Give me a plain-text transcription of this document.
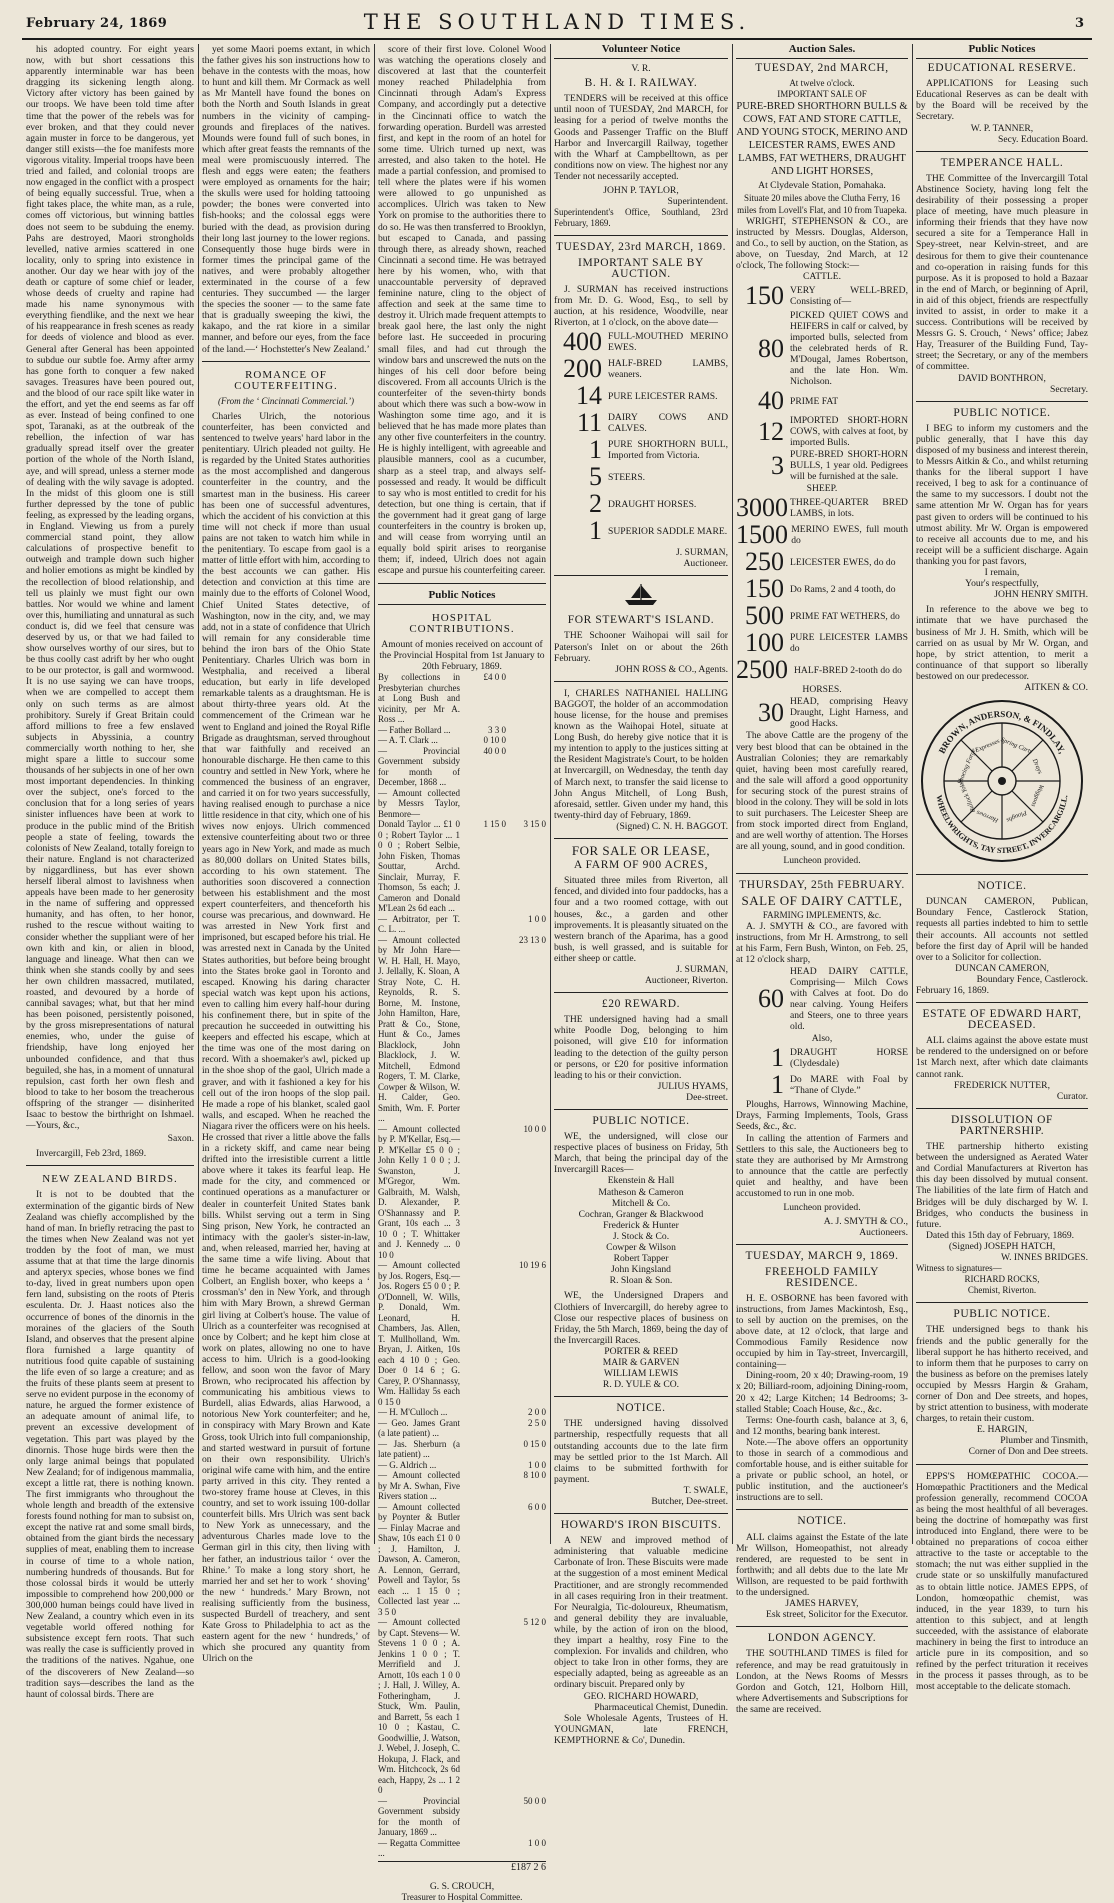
February 24, 1869	THE SOUTHLAND TIMES.	3

his adopted country. For eight years now, with but short cessations this apparently interminable war has been dragging its sickening length along. Victory after victory has been gained by our troops. We have been told time after time that the power of the rebels was for ever broken, and that they could never again muster in force to be dangerous, yet danger still exists—the foe manifests more vigorous vitality. Imperial troops have been tried and failed, and colonial troops are now engaged in the conflict with a prospect of being equally successful. True, when a fight takes place, the white man, as a rule, comes off victorious, but winning battles does not seem to be subduing the enemy. Pahs are destroyed, Maori strongholds levelled, native armies scattered in one locality, only to spring into existence in another. Our day we hear with joy of the death or capture of some chief or leader, whose deeds of cruelty and rapine had made his name synonymous with everything fiendlike, and the next we hear of his reappearance in fresh scenes as ready for deeds of violence and blood as ever. General after General has been appointed to subdue our subtle foe. Army after army has gone forth to conquer a few naked savages. Treasures have been poured out, and the blood of our race spilt like water in the effort, and yet the end seems as far off as ever. Instead of being confined to one spot, Taranaki, as at the outbreak of the rebellion, the infection of war has gradually spread itself over the greater portion of the whole of the North Island, aye, and will spread, unless a sterner mode of dealing with the wily savage is adopted. In the midst of this gloom one is still further depressed by the tone of public feeling, as expressed by the leading organs, in England. Viewing us from a purely commercial stand point, they allow calculations of prospective benefit to outweigh and trample down such higher and holier emotions as might be kindled by the recollection of blood relationship, and tell us plainly we must fight our own battles. Nor would we whine and lament over this, humiliating and unnatural as such conduct is, did we feel that censure was deserved by us, or that we had failed to show ourselves worthy of our sires, but to be thus coolly cast adrift by her who ought to be our protector, is gall and wormwood. It is no use saying we can have troops, when we are compelled to accept them only on such terms as are almost prohibitory. Surely if Great Britain could afford millions to free a few enslaved subjects in Abyssinia, a country commercially worth nothing to her, she might spare a little to succour some thousands of her subjects in one of her own most important dependencies. In thinking over the subject, one's forced to the conclusion that for a long series of years sinister influences have been at work to produce in the public mind of the British people a state of feeling, towards the colonists of New Zealand, totally foreign to their nature. England is not characterized by niggardliness, but has ever shown herself liberal almost to lavishness when appeals have been made to her generosity in the name of suffering and oppressed humanity, and has often, to her honor, rushed to the rescue without waiting to consider whether the suppliant were of her own kith and kin, or alien in blood, language and lineage. What then can we think when she stands coolly by and sees her own children massacred, mutilated, roasted, and devoured by a horde of cannibal savages; what, but that her mind has been poisoned, persistently poisoned, by the gross misrepresentations of natural enemies, who, under the guise of friendship, have long enjoyed her unbounded confidence, and that thus beguiled, she has, in a moment of unnatural repulsion, cast forth her own flesh and blood to take to her bosom the treacherous offspring of the stranger — disinherited Isaac to bestow the birthright on Ishmael.—Yours, &c.,

Saxon.
Invercargill, Feb 23rd, 1869.
NEW ZEALAND BIRDS.

It is not to be doubted that the extermination of the gigantic birds of New Zealand was chiefly accomplished by the hand of man. In briefly retracing the past to the times when New Zealand was not yet trodden by the foot of man, we must assume that at that time the large dinornis and apteryx species, whose bones we find to-day, lived in great numbers upon open fern land, subsisting on the roots of Pteris esculenta. Dr. J. Haast notices also the occurrence of bones of the dinornis in the moraines of the glaciers of the South Island, and observes that the present alpine flora furnished a large quantity of nutritious food quite capable of sustaining the life even of so large a creature; and as the fruits of these plants seem at present to serve no evident purpose in the economy of nature, he argued the former existence of an adequate amount of animal life, to prevent an excessive development of vegetation. This part was played by the dinornis. Those huge birds were then the only large animal beings that populated New Zealand; for of indigenous mammalia, except a little rat, there is nothing known. The first immigrants who throughout the whole length and breadth of the extensive forests found nothing for man to subsist on, except the native rat and some small birds, obtained from the giant birds the necessary supplies of meat, enabling them to increase in course of time to a whole nation, numbering hundreds of thousands. But for those colossal birds it would be utterly impossible to comprehend how 200,000 or 300,000 human beings could have lived in New Zealand, a country which even in its vegetable world offered nothing for subsistence except fern roots. That such was really the case is sufficiently proved in the traditions of the natives. Ngahue, one of the discoverers of New Zealand—so tradition says—describes the land as the haunt of colossal birds. There are

yet some Maori poems extant, in which the father gives his son instructions how to behave in the contests with the moas, how to hunt and kill them. Mr Cormack as well as Mr Mantell have found the bones on both the North and South Islands in great numbers in the vicinity of camping-grounds and fireplaces of the natives. Mounds were found full of such bones, in which after great feasts the remnants of the meal were promiscuously interred. The flesh and eggs were eaten; the feathers were employed as ornaments for the hair; the skulls were used for holding tattooing powder; the bones were converted into fish-hooks; and the colossal eggs were buried with the dead, as provision during their long last journey to the lower regions. Consequently those huge birds were in former times the principal game of the natives, and were probably altogether exterminated in the course of a few centuries. They succumbed — the larger the species the sooner — to the same fate that is gradually sweeping the kiwi, the kakapo, and the rat kiore in a similar manner, and before our eyes, from the face of the land.—‘ Hochstetter's New Zealand.’

ROMANCE OF COUTERFEITING.
(From the ‘ Cincinnati Commercial.’)

Charles Ulrich, the notorious counterfeiter, has been convicted and sentenced to twelve years' hard labor in the penitentiary. Ulrich pleaded not guilty. He is regarded by the United States authorities as the most accomplished and dangerous counterfeiter in the country, and the smartest man in the business. His career has been one of successful adventures, which the accident of his conviction at this time will not check if more than usual pains are not taken to watch him while in the penitentiary. To escape from gaol is a matter of little effort with him, according to the best accounts we can gather. His detection and conviction at this time are mainly due to the efforts of Colonel Wood, Chief United States detective, of Washington, now in the city, and, we may add, not in a state of confidence that Ulrich will remain for any considerable time behind the iron bars of the Ohio State Penitentiary. Charles Ulrich was born in Westphalia, and received a liberal education, but early in life developed remarkable talents as a draughtsman. He is about thirty-three years old. At the commencement of the Crimean war he went to England and joined the Royal Rifle Brigade as draughtsman, served throughout that war faithfully and received an honourable discharge. He then came to this country and settled in New York, where he commenced the business of an engraver, and carried it on for two years successfully, having realised enough to purchase a nice little residence in that city, which one of his wives now enjoys. Ulrich commenced extensive counterfeiting about two or three years ago in New York, and made as much as 80,000 dollars on United States bills, according to his own statement. The authorities soon discovered a connection between his establishment and the most expert counterfeiters, and thenceforth his course was precarious, and downward. He was arrested in New York first and imprisoned, but escaped before his trial. He was arrested next in Canada by the United States authorities, but before being brought into the States broke gaol in Toronto and escaped. Knowing his daring character special watch was kept upon his actions, even to calling him every half-hour during his confinement there, but in spite of the precaution he succeeded in outwitting his keepers and effected his escape, which at the time was one of the most daring on record. With a shoemaker's awl, picked up in the shoe shop of the gaol, Ulrich made a graver, and with it fashioned a key for his cell out of the iron hoops of the slop pail. He made a rope of his blanket, scaled gaol walls, and escaped. When he reached the Niagara river the officers were on his heels. He crossed that river a little above the falls in a rickety skiff, and came near being drifted into the irresistible current a little above where it takes its fearful leap. He made for the city, and commenced or continued operations as a manufacturer or dealer in counterfeit United States bank bills. Whilst serving out a term in Sing Sing prison, New York, he contracted an intimacy with the gaoler's sister-in-law, and, when released, married her, having at the same time a wife living. About that time he became acquainted with James Colbert, an English boxer, who keeps a ‘ crossman's’ den in New York, and through him with Mary Brown, a shrewd German girl living at Colbert's house. The value of Ulrich as a counterfeiter was recognised at once by Colbert; and he kept him close at work on plates, allowing no one to have access to him. Ulrich is a good-looking fellow, and soon won the favor of Mary Brown, who reciprocated his affection by communicating his ambitious views to Burdell, alias Edwards, alias Harwood, a notorious New York counterfeiter; and he, in conspiracy with Mary Brown and Kate Gross, took Ulrich into full companionship, and started westward in pursuit of fortune on their own responsibility. Ulrich's original wife came with him, and the entire party arrived in this city. They rented a two-storey frame house at Cleves, in this country, and set to work issuing 100-dollar counterfeit bills. Mrs Ulrich was sent back to New York as unnecessary, and the adventurous Charles made love to the German girl in this city, then living with her father, an industrious tailor ‘ over the Rhine.’ To make a long story short, he married her and set her to work ‘ shoving’ the new ‘ hundreds.’ Mary Brown, not realising sufficiently from the business, suspected Burdell of treachery, and sent Kate Gross to Philadelphia to act as the eastern agent for the new ‘ hundreds,’ of which she procured any quantity from Ulrich on the

score of their first love. Colonel Wood was watching the operations closely and discovered at last that the counterfeit money reached Philadelphia from Cincinnati through Adam's Express Company, and accordingly put a detective in the Cincinnati office to watch the forwarding operation. Burdell was arrested first, and kept in the room of an hotel for some time. Ulrich turned up next, was arrested, and also taken to the hotel. He made a partial confession, and promised to tell where the plates were if his women were allowed to go unpunished as accomplices. Ulrich was taken to New York on promise to the authorities there to do so. He was then transferred to Brooklyn, but escaped to Canada, and passing through there, as already shown, reached Cincinnati a second time. He was betrayed here by his women, who, with that unaccountable perversity of depraved feminine nature, cling to the object of affection and seek at the same time to destroy it. Ulrich made frequent attempts to break gaol here, the last only the night before last. He succeeded in procuring small files, and had cut through the window bars and unscrewed the nuts on the hinges of his cell door before being discovered. From all accounts Ulrich is the counterfeiter of the seven-thirty bonds about which there was such a bow-wow in Washington some time ago, and it is believed that he has made more plates than any other five counterfeiters in the country. He is highly intelligent, with agreeable and plausible manners, cool as a cucumber, sharp as a steel trap, and always self-possessed and ready. It would be difficult to say who is most entitled to credit for his detection, but one thing is certain, that if the government had it great gang of large counterfeiters in the country is broken up, and will cease from worrying until an equally bold spirit arises to reorganise them; if, indeed, Ulrich does not again escape and pursue his counterfeiting career.

Public Notices
HOSPITAL CONTRIBUTIONS.

Amount of monies received on account of the Provincial Hospital from 1st January to 20th February, 1869.

By collections in Presbyterian churches at Long Bush and vicinity, per Mr A. Ross ...	£4 0 0	
— Father Bollard ...	3 3 0	
— A. T. Clark ...	0 10 0	
— Provincial Government subsidy for month of December, 1868 ...	40 0 0	
— Amount collected by Messrs Taylor, Benmore—		
Donald Taylor ... £1 0 0 ; Robert Taylor ... 1 0 0 ; Robert Selbie, John Fisken, Thomas Souttar, Archd. Sinclair, Murray, F. Thomson, 5s each; J. Cameron and Donald M'Lean 2s 6d each ...	1 15 0	3 15 0
— Arbitrator, per T. C. L. ...		1 0 0
— Amount collected by Mr John Hare— W. H. Hall, H. Mayo, J. Jellally, K. Sloan, A Stray Note, C. H. Reynolds, R. S. Borne, M. Instone, John Hamilton, Hare, Pratt & Co., Stone, Hunt & Co., James Blacklock, John Blacklock, J. W. Mitchell, Edmond Rogers, T. M. Clarke, Cowper & Wilson, W. H. Calder, Geo. Smith, Wm. F. Porter ...		23 13 0
— Amount collected by P. M'Kellar, Esq.— P. M'Kellar £5 0 0 ; John Kelly 1 0 0 ; J. Swanston, J. M'Gregor, Wm. Galbraith, M. Walsh, D. Alexander, P. O'Shannassy and P. Grant, 10s each ... 3 10 0 ; T. Whittaker and J. Kennedy ... 0 10 0		10 0 0
— Amount collected by Jos. Rogers, Esq.— Jos. Rogers £5 0 0 ; P. O'Donnell, W. Wills, P. Donald, Wm. Leonard, H. Chambers, Jas. Allen, T. Mullholland, Wm. Bryan, J. Aitken, 10s each 4 10 0 ; Geo. Doer 0 14 6 ; G. Carey, P. O'Shannassy, Wm. Halliday 5s each 0 15 0		10 19 6
— H. M'Culloch ...		2 0 0
— Geo. James Grant (a late patient) ...		2 5 0
— Jas. Sherburn (a late patient) ...		0 15 0
— G. Aldrich ...		1 0 0
— Amount collected by Mr A. Swhan, Five Rivers station ...		8 10 0
— Amount collected by Poynter & Butler— Finlay Macrae and Shaw, 10s each £1 0 0 ; J. Hamilton, J. Dawson, A. Cameron, A. Lennon, Gerrard, Powell and Taylor, 5s each ... 1 15 0 ; Collected last year ... 3 5 0		6 0 0
— Amount collected by Capt. Stevens— W. Stevens 1 0 0 ; A. Jenkins 1 0 0 ; T. Merrifield and J. Arnott, 10s each 1 0 0 ; J. Hall, J. Willey, A. Fotheringham, J. Stuck, Wm. Paulin, and Barrett, 5s each 1 10 0 ; Kastau, C. Goodwillie, J. Watson, J. Webel, J. Joseph, C. Hokupa, J. Flack, and Wm. Hitchcock, 2s 6d each, Happy, 2s ... 1 2 0		5 12 0
— Provincial Government subsidy for the month of January, 1869 ...		50 0 0
— Regatta Committee ...		1 0 0
£187 2 6
G. S. CROUCH,
Treasurer to Hospital Committee.
Volunteer Notice
V. R.
B. H. & I. RAILWAY.

TENDERS will be received at this office until noon of TUESDAY, 2nd MARCH, for leasing for a period of twelve months the Goods and Passenger Traffic on the Bluff Harbor and Invercargill Railway, together with the Wharf at Campbelltown, as per conditions now on view. The highest nor any Tender not necessarily accepted.

JOHN P. TAYLOR,
Superintendent.
Superintendent's Office, Southland, 23rd February, 1869.
TUESDAY, 23rd MARCH, 1869.
IMPORTANT SALE BY AUCTION.

J. SURMAN has received instructions from Mr. D. G. Wood, Esq., to sell by auction, at his residence, Woodville, near Riverton, at 1 o'clock, on the above date—

400 FULL-MOUTHED MERINO EWES.
200 HALF-BRED LAMBS, weaners.
14 PURE LEICESTER RAMS.
11 DAIRY COWS AND CALVES.
1 PURE SHORTHORN BULL, Imported from Victoria.
5 STEERS.
2 DRAUGHT HORSES.
1 SUPERIOR SADDLE MARE.
J. SURMAN,
Auctioneer.
FOR STEWART'S ISLAND.

THE Schooner Waihopai will sail for Paterson's Inlet on or about the 26th February.

JOHN ROSS & CO., Agents.

I, CHARLES NATHANIEL HALLING BAGGOT, the holder of an accommodation house license, for the house and premises known as the Waihopai Hotel, situate at Long Bush, do hereby give notice that it is my intention to apply to the justices sitting at the Resident Magistrate's Court, to be holden at Invercargill, on Wednesday, the tenth day of March next, to transfer the said license to John Angus Mitchell, of Long Bush, aforesaid, settler. Given under my hand, this twenty-third day of February, 1869.

(Signed) C. N. H. BAGGOT.
FOR SALE OR LEASE,
A FARM OF 900 ACRES,

Situated three miles from Riverton, all fenced, and divided into four paddocks, has a four and a two roomed cottage, with out houses, &c., a garden and other improvements. It is pleasantly situated on the western branch of the Aparima, has a good bush, is well grassed, and is suitable for either sheep or cattle.

J. SURMAN,
Auctioneer, Riverton.
£20 REWARD.

THE undersigned having had a small white Poodle Dog, belonging to him poisoned, will give £10 for information leading to the detection of the guilty person or persons, or £20 for positive information leading to his or their conviction.

JULIUS HYAMS,
Dee-street.
PUBLIC NOTICE.

WE, the undersigned, will close our respective places of business on Friday, 5th March, that being the principal day of the Invercargill Races—

Ekenstein & Hall
Matheson & Cameron
Mitchell & Co.
Cochran, Granger & Blackwood
Frederick & Hunter
J. Stock & Co.
Cowper & Wilson
Robert Tapper
John Kingsland
R. Sloan & Son.

WE, the Undersigned Drapers and Clothiers of Invercargill, do hereby agree to Close our respective places of business on Friday, the 5th March, 1869, being the day of the Invercargill Races.

PORTER & REED
MAIR & GARVEN
WILLIAM LEWIS
R. D. YULE & CO.
NOTICE.

THE undersigned having dissolved partnership, respectfully requests that all outstanding accounts due to the late firm may be settled prior to the 1st March. All claims to be submitted forthwith for payment.

T. SWALE,
Butcher, Dee-street.
HOWARD'S IRON BISCUITS.

A NEW and improved method of administering that valuable medicine Carbonate of Iron. These Biscuits were made at the suggestion of a most eminent Medical Practitioner, and are strongly recommended in all cases requiring Iron in their treatment. For Neuralgia, Tic-doloureux, Rheumatism, and general debility they are invaluable, while, by the action of iron on the blood, they impart a healthy, rosy Fine to the complexion. For invalids and children, who object to take Iron in other forms, they are especially adapted, being as agreeable as an ordinary biscuit. Prepared only by

GEO. RICHARD HOWARD,
Pharmaceutical Chemist, Dunedin.

Sole Wholesale Agents, Trustees of H. YOUNGMAN, late FRENCH, KEMPTHORNE & Co', Dunedin.

Auction Sales.
TUESDAY, 2nd MARCH,
At twelve o'clock.
IMPORTANT SALE OF
PURE-BRED SHORTHORN BULLS & COWS, FAT AND STORE CATTLE, AND YOUNG STOCK, MERINO AND LEICESTER RAMS, EWES AND LAMBS, FAT WETHERS, DRAUGHT AND LIGHT HORSES,
At Clydevale Station, Pomahaka.
Situate 20 miles above the Clutha Ferry, 16 miles from Lovell's Flat, and 10 from Tuapeka.

WRIGHT, STEPHENSON & CO., are instructed by Messrs. Douglas, Alderson, and Co., to sell by auction, on the Station, as above, on Tuesday, 2nd March, at 12 o'clock, The following Stock:—

CATTLE.
150 VERY WELL-BRED, Consisting of—
80
PICKED QUIET COWS and HEIFERS in calf or calved, by imported bulls, selected from the celebrated herds of R. M'Dougal, James Robertson, and the late Hon. Wm. Nicholson.
40 PRIME FAT
12 IMPORTED SHORT-HORN COWS, with calves at foot, by imported Bulls.
3 PURE-BRED SHORT-HORN BULLS, 1 year old. Pedigrees will be furnished at the sale.
SHEEP.
3000 THREE-QUARTER BRED LAMBS, in lots.
1500 MERINO EWES, full mouth do
250 LEICESTER EWES, do do
150 Do Rams, 2 and 4 tooth, do
500 PRIME FAT WETHERS, do
100 PURE LEICESTER LAMBS do
2500 HALF-BRED 2-tooth do do
HORSES.
30 HEAD, comprising Heavy Draught, Light Harness, and good Hacks.

The above Cattle are the progeny of the very best blood that can be obtained in the Australian Colonies; they are remarkably quiet, having been most carefully reared, and the sale will afford a good opportunity for securing stock of the purest strains of blood in the colony. They will be sold in lots to suit purchasers. The Leicester Sheep are from stock imported direct from England, and are well worthy of attention. The Horses are all young, sound, and in good condition.

Luncheon provided.
THURSDAY, 25th FEBRUARY.
SALE OF DAIRY CATTLE,
FARMING IMPLEMENTS, &c.

A. J. SMYTH & CO., are favored with instructions, from Mr H. Armstrong, to sell at his Farm, Fern Bush, Winton, on Feb. 25, at 12 o'clock sharp,

60
HEAD DAIRY CATTLE, Comprising— Milch Cows with Calves at foot. Do do near calving. Young Heifers and Steers, one to three years old.
Also,
1 DRAUGHT HORSE (Clydesdale)
1 Do MARE with Foal by “Thane of Clyde.”

Ploughs, Harrows, Winnowing Machine, Drays, Farming Implements, Tools, Grass Seeds, &c., &c.

In calling the attention of Farmers and Settlers to this sale, the Auctioneers beg to state they are authorised by Mr Armstrong to announce that the cattle are perfectly quiet and healthy, and have been accustomed to run in one mob.

Luncheon provided.
A. J. SMYTH & CO.,
Auctioneers.
TUESDAY, MARCH 9, 1869.
FREEHOLD FAMILY RESIDENCE.

H. E. OSBORNE has been favored with instructions, from James Mackintosh, Esq., to sell by auction on the premises, on the above date, at 12 o'clock, that large and Commodious Family Residence now occupied by him in Tay-street, Invercargill, containing—

Dining-room, 20 x 40; Drawing-room, 19 x 20; Billiard-room, adjoining Dining-room, 20 x 42; Large Kitchen; 14 Bedrooms; 3-stalled Stable; Coach House, &c., &c.

Terms: One-fourth cash, balance at 3, 6, and 12 months, bearing bank interest.

Note.—The above offers an opportunity to those in search of a commodious and comfortable house, and is either suitable for a private or public school, an hotel, or public institution, and the auctioneer's instructions are to sell.

NOTICE.

ALL claims against the Estate of the late Mr Willson, Homeopathist, not already rendered, are requested to be sent in forthwith; and all debts due to the late Mr Willson, are requested to be paid forthwith to the undersigned.

JAMES HARVEY,
Esk street, Solicitor for the Executor.
LONDON AGENCY.

THE SOUTHLAND TIMES is filed for reference, and may be read gratuitously in London, at the News Rooms of Messrs Gordon and Gotch, 121, Holborn Hill, where Advertisements and Subscriptions for the same are received.

Public Notices
EDUCATIONAL RESERVE.

APPLICATIONS for Leasing such Educational Reserves as can be dealt with by the Board will be received by the Secretary.

W. P. TANNER,
Secy. Education Board.
TEMPERANCE HALL.

THE Committee of the Invercargill Total Abstinence Society, having long felt the desirability of their possessing a proper place of meeting, have much pleasure in informing their friends that they have now secured a site for a Temperance Hall in Spey-street, near Kelvin-street, and are desirous for them to give their countenance and co-operation in raising funds for this purpose. As it is proposed to hold a Bazaar in the end of March, or beginning of April, in aid of this object, friends are respectfully invited to assist, in order to make it a success. Contributions will be received by Messrs G. S. Crouch, ‘ News’ office; Jabez Hay, Treasurer of the Building Fund, Tay-street; the Secretary, or any of the members of committee.

DAVID BONTHRON,
Secretary.
PUBLIC NOTICE.

I BEG to inform my customers and the public generally, that I have this day disposed of my business and interest therein, to Messrs Aitkin & Co., and whilst returning thanks for the liberal support I have received, I beg to ask for a continuance of the same to my successors. I doubt not the same attention Mr W. Organ has for years past given to orders will be continued to his utmost ability. Mr W. Organ is empowered to receive all accounts due to me, and his receipt will be a sufficient discharge. Again thanking you for past favors,

I remain,
Your's respectfully,
JOHN HENRY SMITH.

In reference to the above we beg to intimate that we have purchased the business of Mr J. H. Smith, which will be carried on as usual by Mr W. Organ, and hope, by strict attention, to merit a continuance of that support so liberally bestowed on our predecessor.

AITKEN & CO.
BROWN, ANDERSON, & FINDLAY,
WHEELWRIGHTS, TAY STREET, INVERCARGILL.
Spring Carts
Drays
Waggons
Ploughs
Harrows
Bullock Yokes
Shoeing Forge
Expresses
NOTICE.

DUNCAN CAMERON, Publican, Boundary Fence, Castlerock Station, requests all parties indebted to him to settle their accounts. All accounts not settled before the first day of April will be handed over to a Solicitor for collection.

DUNCAN CAMERON,
Boundary Fence, Castlerock.
February 16, 1869.
ESTATE OF EDWARD HART, DECEASED.

ALL claims against the above estate must be rendered to the undersigned on or before 1st March next, after which date claimants cannot rank.

FREDERICK NUTTER,
Curator.
DISSOLUTION OF PARTNERSHIP.

THE partnership hitherto existing between the undersigned as Aerated Water and Cordial Manufacturers at Riverton has this day been dissolved by mutual consent. The liabilities of the late firm of Hatch and Bridges will be duly discharged by W. I. Bridges, who conducts the business in future.

Dated this 15th day of February, 1869.

(Signed) JOSEPH HATCH,
W. INNES BRIDGES.
Witness to signatures—
RICHARD ROCKS,
Chemist, Riverton.
PUBLIC NOTICE.

THE undersigned begs to thank his friends and the public generally for the liberal support he has hitherto received, and to inform them that he purposes to carry on the business as before on the premises lately occupied by Messrs Hargin & Graham, corner of Don and Dee streets, and hopes, by strict attention to business, with moderate charges, to retain their custom.

E. HARGIN,
Plumber and Tinsmith,
Corner of Don and Dee streets.

EPPS'S HOMŒPATHIC COCOA.—Homœpathic Practitioners and the Medical profession generally, recommend COCOA as being the most healthful of all beverages. being the doctrine of homœpathy was first introduced into England, there were to be obtained no preparations of cocoa either attractive to the taste or acceptable to the stomach; the nut was either supplied in the crude state or so unskilfully manufactured as to obtain little notice. JAMES EPPS, of London, homœopathic chemist, was induced, in the year 1839, to turn his attention to this subject, and at length succeeded, with the assistance of elaborate machinery in being the first to introduce an article pure in its composition, and so refined by the perfect trituration it receives in the process it passes through, as to be most acceptable to the delicate stomach.
